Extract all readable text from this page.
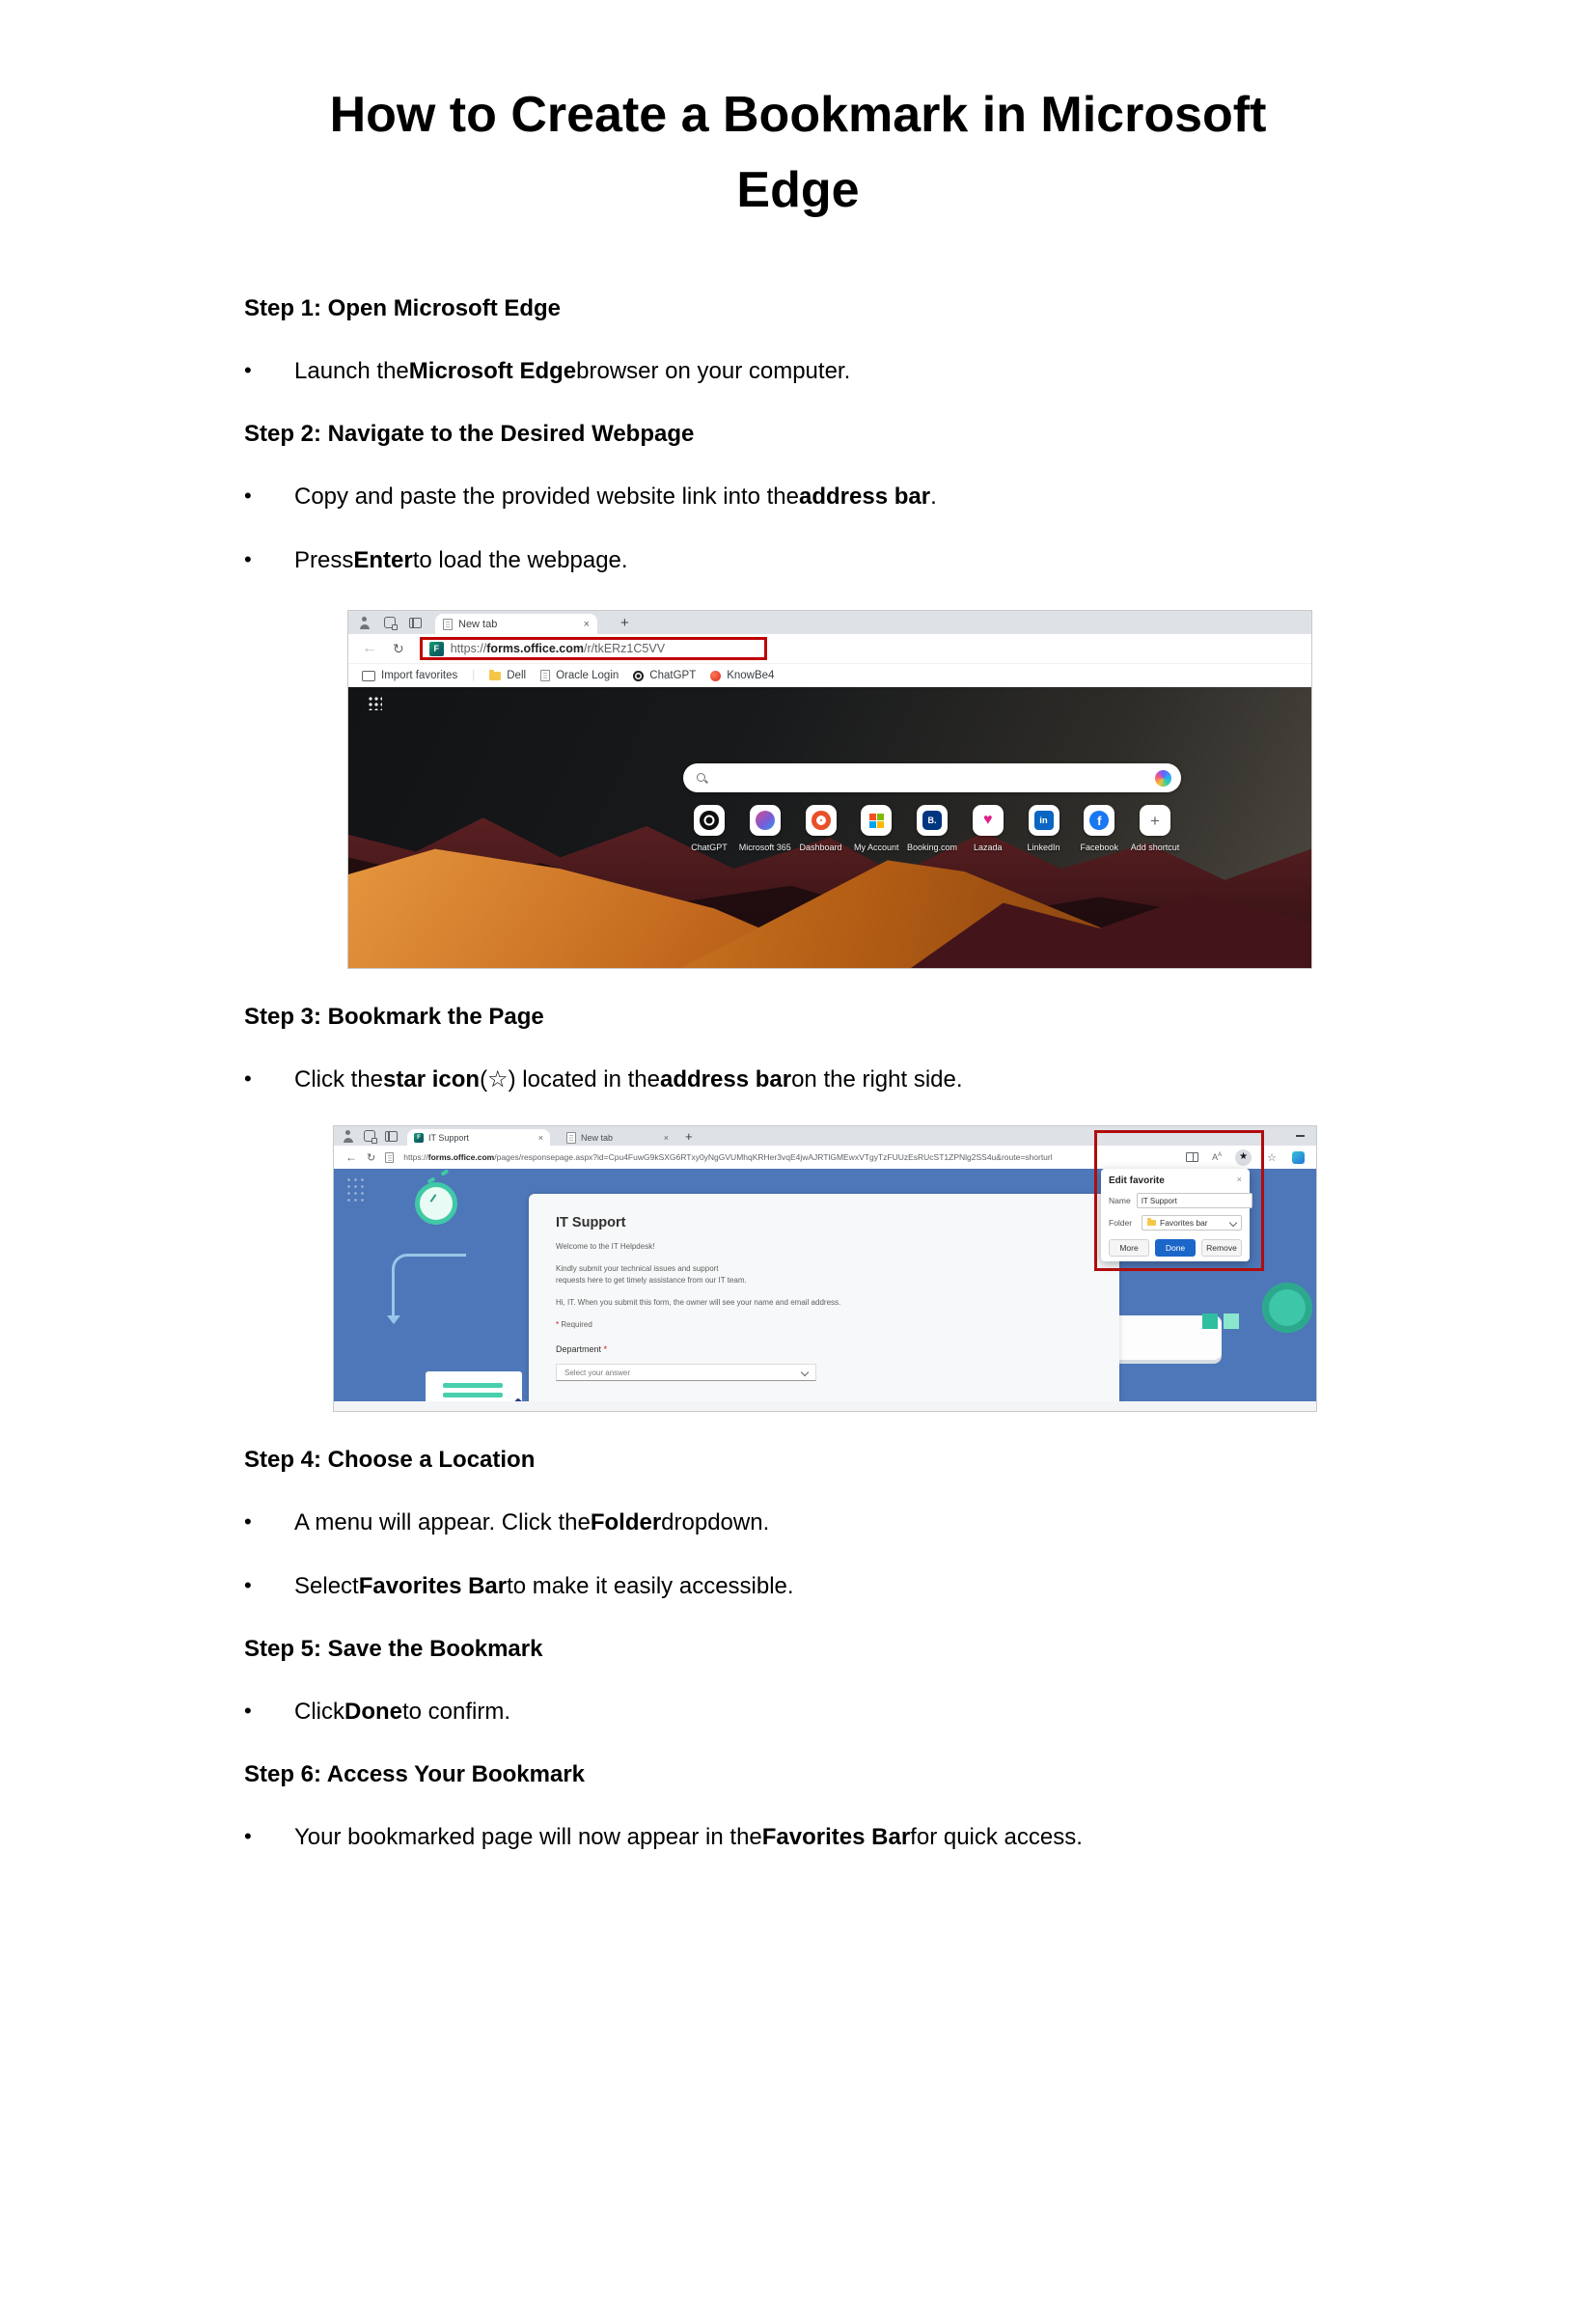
How to Create a Bookmark in Microsoft
Edge
Step 1: Open Microsoft Edge

• Launch the Microsoft Edge browser on your computer.

Step 2: Navigate to the Desired Webpage

• Copy and paste the provided website link into the address bar .

• Press Enter to load the webpage.

New tab	× +
← ↻	F https://forms.office.com/r/tkERz1C5VV
Import favorites |	Dell	Oracle Login	ChatGPT	KnowBe4
ChatGPT Microsoft 365 Dashboard My Account
B.
Booking.com
♥
Lazada
in
LinkedIn
f
Facebook
+
Add shortcut
Step 3: Bookmark the Page

• Click the star icon (☆) located in the address bar on the right side.

F IT Support	×	New tab	× +
← ↻	https://forms.office.com/pages/responsepage.aspx?id=Cpu4FuwG9kSXG6RTxy0yNgGVUMhqKRHer3vqE4jwAJRTlGMEwxVTgyTzFUUzEsRUcST1ZPNlg2SS4u&route=shorturl	$A^A$ ★ ☆
IT Support
Welcome to the IT Helpdesk!
Kindly submit your technical issues and support
requests here to get timely assistance from our IT team.
Hi, IT. When you submit this form, the owner will see your name and email address.
* Required
Department *
Select your answer
Edit favorite	×
Name
IT Support
Folder	Favorites bar
More	Done	Remove
Step 4: Choose a Location

• A menu will appear. Click the Folder dropdown.

• Select Favorites Bar to make it easily accessible.

Step 5: Save the Bookmark

• Click Done to confirm.

Step 6: Access Your Bookmark

• Your bookmarked page will now appear in the Favorites Bar for quick access.
